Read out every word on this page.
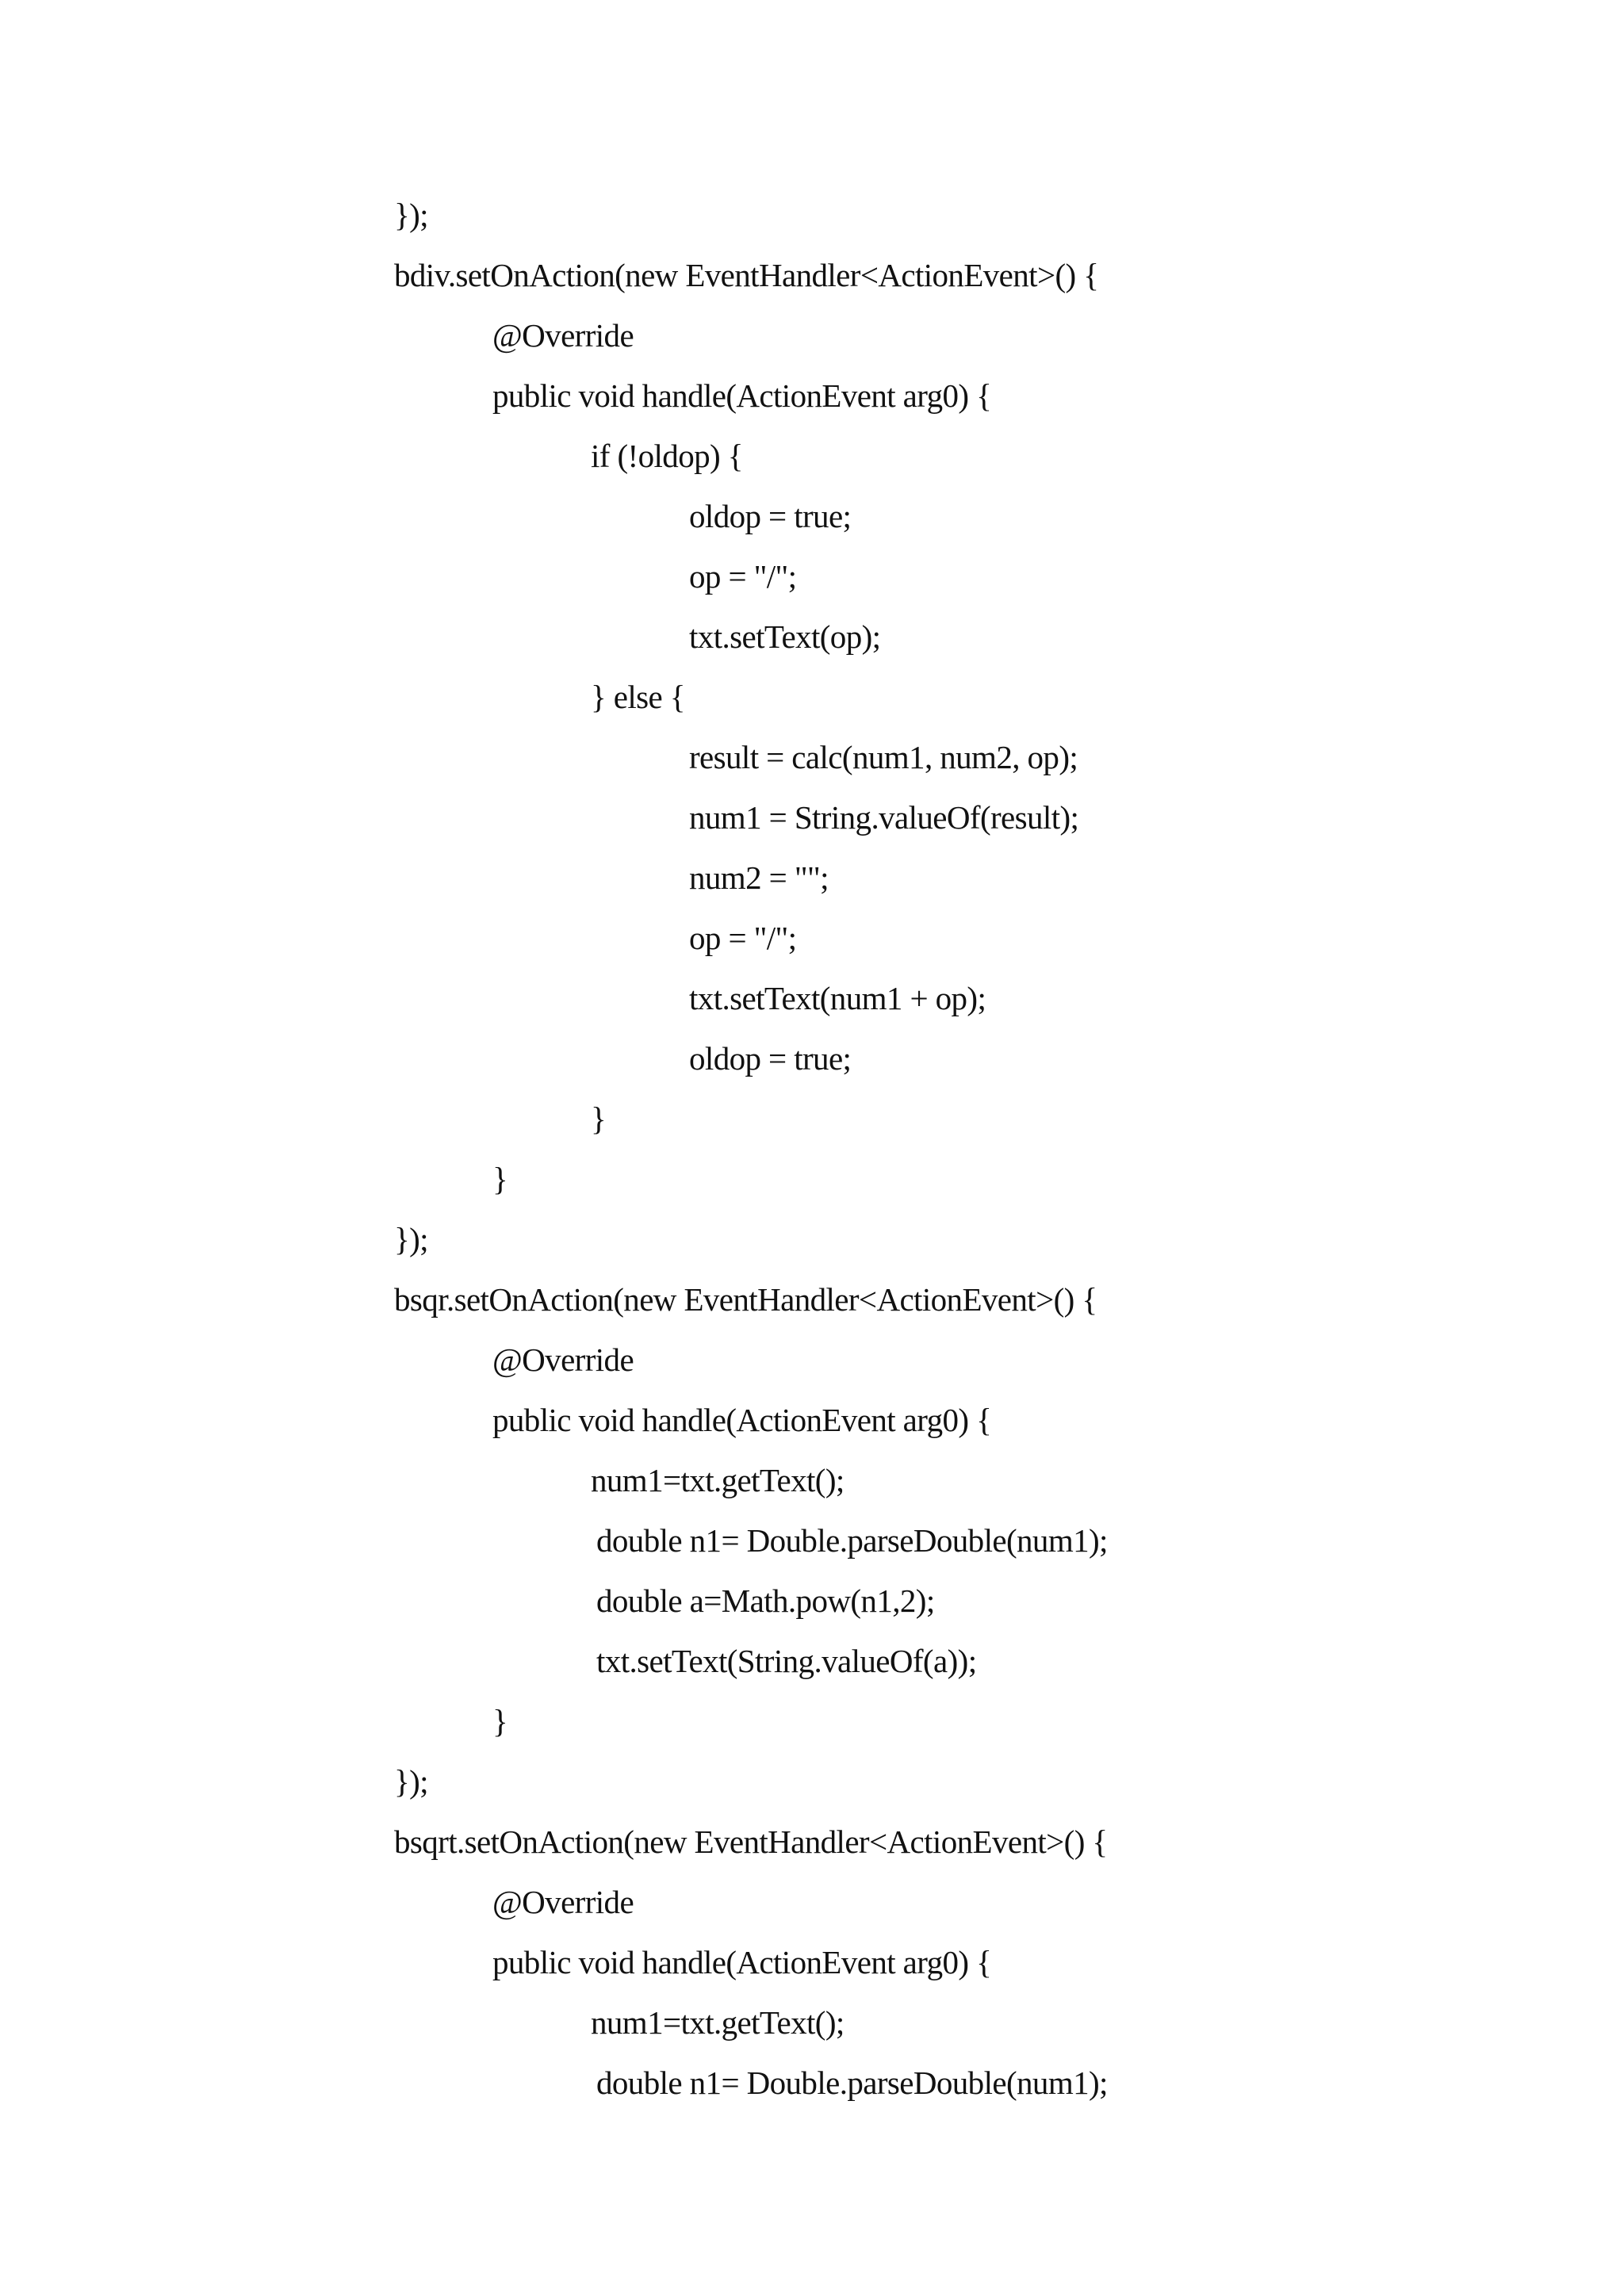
});
bdiv.setOnAction(new EventHandler<ActionEvent>() {
@Override
public void handle(ActionEvent arg0) {
if (!oldop) {
oldop = true;
op = "/";
txt.setText(op);
} else {
result = calc(num1, num2, op);
num1 = String.valueOf(result);
num2 = "";
op = "/";
txt.setText(num1 + op);
oldop = true;
}
}
});
bsqr.setOnAction(new EventHandler<ActionEvent>() {
@Override
public void handle(ActionEvent arg0) {
num1=txt.getText();
double n1= Double.parseDouble(num1);
double a=Math.pow(n1,2);
txt.setText(String.valueOf(a));
}
});
bsqrt.setOnAction(new EventHandler<ActionEvent>() {
@Override
public void handle(ActionEvent arg0) {
num1=txt.getText();
double n1= Double.parseDouble(num1);
